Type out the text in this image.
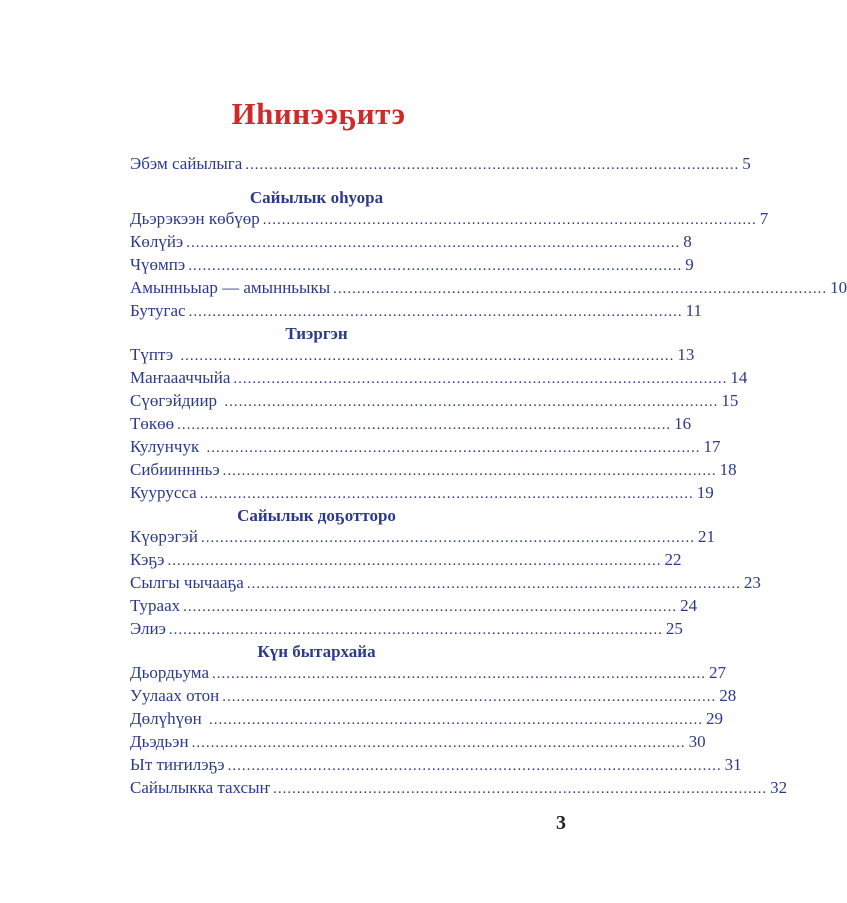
Иһинээҕитэ
Эбэм сайылыга ........................................................................................................ 5
Сайылык оһуора
Дьэрэкээн көбүөр ........................................................................................................ 7
Көлүйэ ........................................................................................................ 8
Чүөмпэ ........................................................................................................ 9
Амынньыар — амынньыкы ........................................................................................................ 10
Бутугас ........................................................................................................ 11
Тиэргэн
Түптэ ........................................................................................................ 13
Маҥаааччыйа ........................................................................................................ 14
Сүөгэйдиир ........................................................................................................ 15
Төкөө ........................................................................................................ 16
Кулунчук ........................................................................................................ 17
Сибииннньэ ........................................................................................................ 18
Куурусса ........................................................................................................ 19
Сайылык доҕотторо
Күөрэгэй ........................................................................................................ 21
Кэҕэ ........................................................................................................ 22
Сылгы чычааҕа ........................................................................................................ 23
Тураах ........................................................................................................ 24
Элиэ ........................................................................................................ 25
Күн бытархайа
Дьордьума ........................................................................................................ 27
Уулаах отон ........................................................................................................ 28
Дөлүһүөн ........................................................................................................ 29
Дьэдьэн ........................................................................................................ 30
Ыт тиҥилэҕэ ........................................................................................................ 31
Сайылыкка тахсыҥ ........................................................................................................ 32
3
